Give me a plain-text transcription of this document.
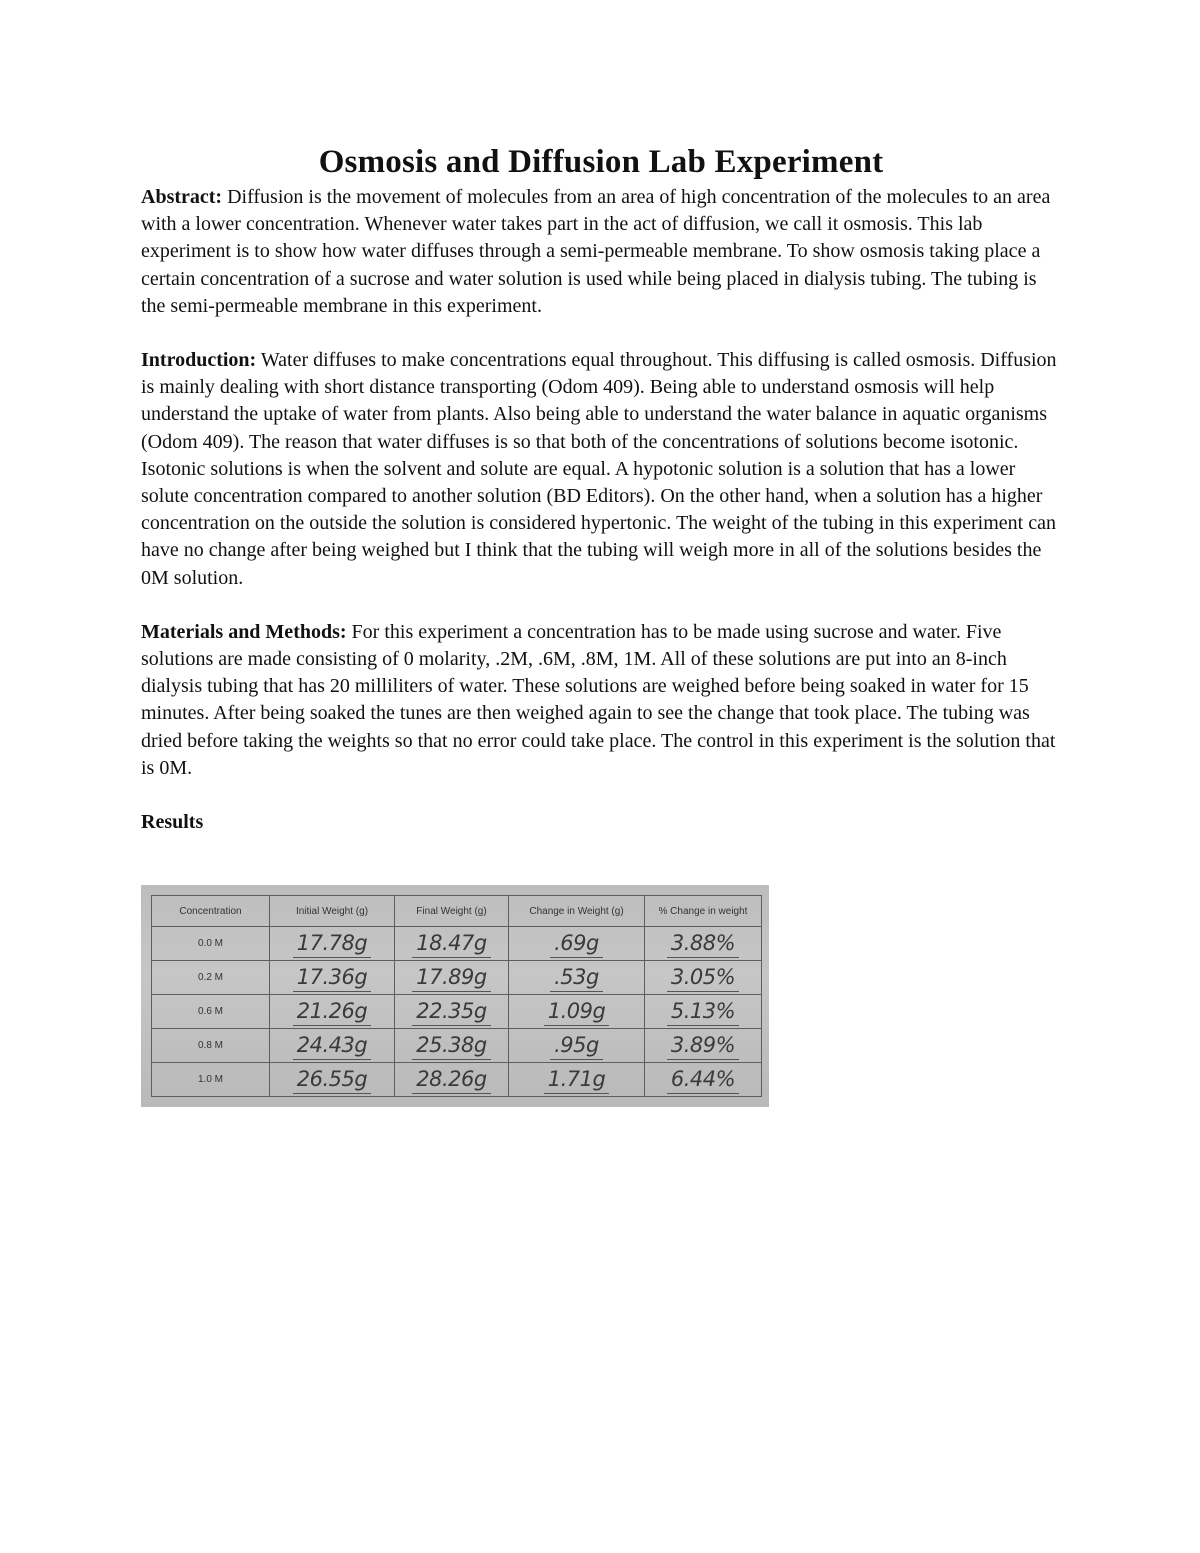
Osmosis and Diffusion Lab Experiment

Abstract: Diffusion is the movement of molecules from an area of high concentration of the molecules to an area with a lower concentration. Whenever water takes part in the act of diffusion, we call it osmosis. This lab experiment is to show how water diffuses through a semi-permeable membrane. To show osmosis taking place a certain concentration of a sucrose and water solution is used while being placed in dialysis tubing. The tubing is the semi-permeable membrane in this experiment.

Introduction: Water diffuses to make concentrations equal throughout. This diffusing is called osmosis. Diffusion is mainly dealing with short distance transporting (Odom 409). Being able to understand osmosis will help understand the uptake of water from plants. Also being able to understand the water balance in aquatic organisms (Odom 409). The reason that water diffuses is so that both of the concentrations of solutions become isotonic. Isotonic solutions is when the solvent and solute are equal. A hypotonic solution is a solution that has a lower solute concentration compared to another solution (BD Editors). On the other hand, when a solution has a higher concentration on the outside the solution is considered hypertonic. The weight of the tubing in this experiment can have no change after being weighed but I think that the tubing will weigh more in all of the solutions besides the 0M solution.

Materials and Methods: For this experiment a concentration has to be made using sucrose and water. Five solutions are made consisting of 0 molarity, .2M, .6M, .8M, 1M. All of these solutions are put into an 8-inch dialysis tubing that has 20 milliliters of water. These solutions are weighed before being soaked in water for 15 minutes. After being soaked the tunes are then weighed again to see the change that took place. The tubing was dried before taking the weights so that no error could take place. The control in this experiment is the solution that is 0M.

Results

Concentration	Initial Weight (g)	Final Weight (g)	Change in Weight (g)	% Change in weight
0.0 M	17.78g	18.47g	.69g	3.88%
0.2 M	17.36g	17.89g	.53g	3.05%
0.6 M	21.26g	22.35g	1.09g	5.13%
0.8 M	24.43g	25.38g	.95g	3.89%
1.0 M	26.55g	28.26g	1.71g	6.44%
